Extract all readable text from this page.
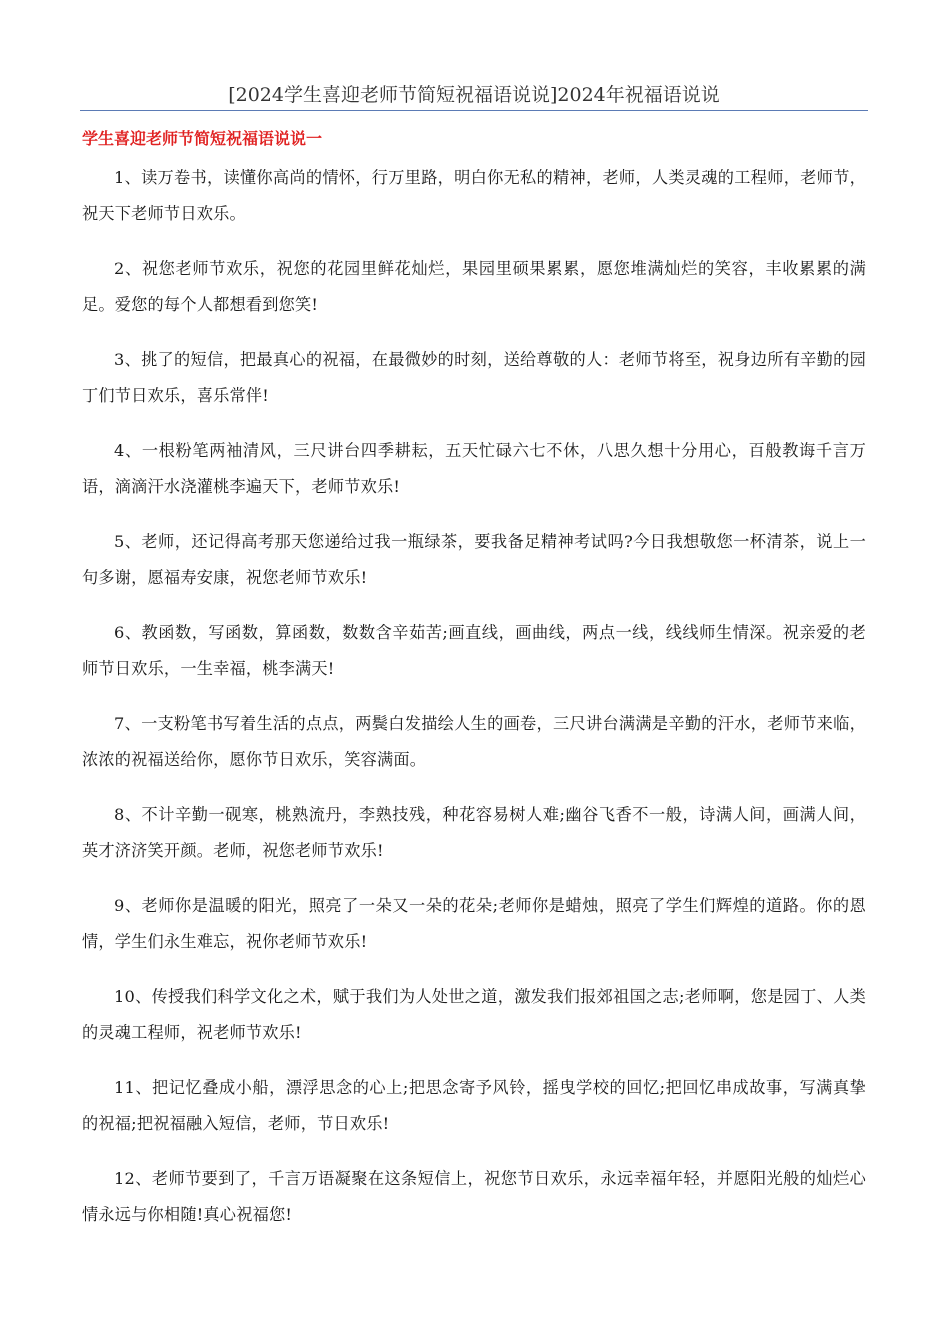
[2024学生喜迎老师节简短祝福语说说]2024年祝福语说说
学生喜迎老师节简短祝福语说说一

1、读万卷书，读懂你高尚的情怀，行万里路，明白你无私的精神，老师，人类灵魂的工程师，老师节，祝天下老师节日欢乐。

2、祝您老师节欢乐，祝您的花园里鲜花灿烂，果园里硕果累累，愿您堆满灿烂的笑容，丰收累累的满足。爱您的每个人都想看到您笑!

3、挑了的短信，把最真心的祝福，在最微妙的时刻，送给尊敬的人：老师节将至，祝身边所有辛勤的园丁们节日欢乐，喜乐常伴!

4、一根粉笔两袖清风，三尺讲台四季耕耘，五天忙碌六七不休，八思久想十分用心，百般教诲千言万语，滴滴汗水浇灌桃李遍天下，老师节欢乐!

5、老师，还记得高考那天您递给过我一瓶绿茶，要我备足精神考试吗?今日我想敬您一杯清茶，说上一句多谢，愿福寿安康，祝您老师节欢乐!

6、教函数，写函数，算函数，数数含辛茹苦;画直线，画曲线，两点一线，线线师生情深。祝亲爱的老师节日欢乐，一生幸福，桃李满天!

7、一支粉笔书写着生活的点点，两鬓白发描绘人生的画卷，三尺讲台满满是辛勤的汗水，老师节来临，浓浓的祝福送给你，愿你节日欢乐，笑容满面。

8、不计辛勤一砚寒，桃熟流丹，李熟技残，种花容易树人难;幽谷飞香不一般，诗满人间，画满人间，英才济济笑开颜。老师，祝您老师节欢乐!

9、老师你是温暖的阳光，照亮了一朵又一朵的花朵;老师你是蜡烛，照亮了学生们辉煌的道路。你的恩情，学生们永生难忘，祝你老师节欢乐!

10、传授我们科学文化之术，赋于我们为人处世之道，激发我们报郊祖国之志;老师啊，您是园丁、人类的灵魂工程师，祝老师节欢乐!

11、把记忆叠成小船，漂浮思念的心上;把思念寄予风铃，摇曳学校的回忆;把回忆串成故事，写满真挚的祝福;把祝福融入短信，老师，节日欢乐!

12、老师节要到了，千言万语凝聚在这条短信上，祝您节日欢乐，永远幸福年轻，并愿阳光般的灿烂心情永远与你相随!真心祝福您!
